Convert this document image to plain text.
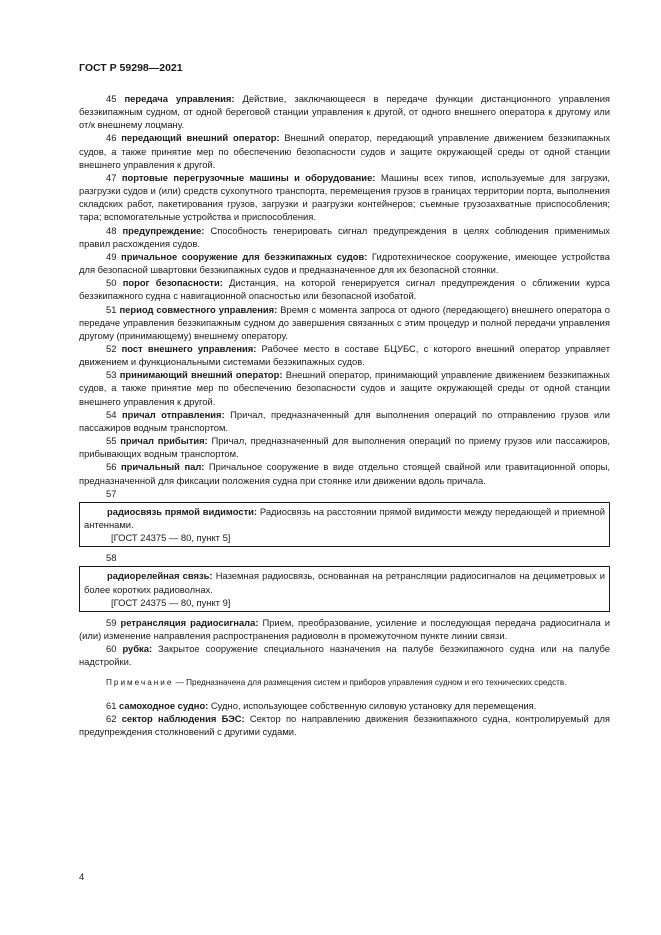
ГОСТ Р 59298—2021

45 передача управления: Действие, заключающееся в передаче функции дистанционного управления безэкипажным судном, от одной береговой станции управления к другой, от одного внешнего оператора к другому или от/к внешнему лоцману.

46 передающий внешний оператор: Внешний оператор, передающий управление движением безэкипажных судов, а также принятие мер по обеспечению безопасности судов и защите окружающей среды от одной станции внешнего управления к другой.

47 портовые перегрузочные машины и оборудование: Машины всех типов, используемые для загрузки, разгрузки судов и (или) средств сухопутного транспорта, перемещения грузов в границах территории порта, выполнения складских работ, пакетирования грузов, загрузки и разгрузки контейнеров; съемные грузозахватные приспособления; тара; вспомогательные устройства и приспособления.

48 предупреждение: Способность генерировать сигнал предупреждения в целях соблюдения применимых правил расхождения судов.

49 причальное сооружение для безэкипажных судов: Гидротехническое сооружение, имеющее устройства для безопасной швартовки безэкипажных судов и предназначенное для их безопасной стоянки.

50 порог безопасности: Дистанция, на которой генерируется сигнал предупреждения о сближении курса безэкипажного судна с навигационной опасностью или безопасной изобатой.

51 период совместного управления: Время с момента запроса от одного (передающего) внешнего оператора о передаче управления безэкипажным судном до завершения связанных с этим процедур и полной передачи управления другому (принимающему) внешнему оператору.

52 пост внешнего управления: Рабочее место в составе БЦУБС, с которого внешний оператор управляет движением и функциональными системами безэкипажных судов.

53 принимающий внешний оператор: Внешний оператор, принимающий управление движением безэкипажных судов, а также принятие мер по обеспечению безопасности судов и защите окружающей среды от одной станции внешнего управления к другой.

54 причал отправления: Причал, предназначенный для выполнения операций по отправлению грузов или пассажиров водным транспортом.

55 причал прибытия: Причал, предназначенный для выполнения операций по приему грузов или пассажиров, прибывающих водным транспортом.

56 причальный пал: Причальное сооружение в виде отдельно стоящей свайной или гравитационной опоры, предназначенной для фиксации положения судна при стоянке или движении вдоль причала.

57

радиосвязь прямой видимости: Радиосвязь на расстоянии прямой видимости между передающей и приемной антеннами.

[ГОСТ 24375 — 80, пункт 5]

58

радиорелейная связь: Наземная радиосвязь, основанная на ретрансляции радиосигналов на дециметровых и более коротких радиоволнах.

[ГОСТ 24375 — 80, пункт 9]

59 ретрансляция радиосигнала: Прием, преобразование, усиление и последующая передача радиосигнала и (или) изменение направления распространения радиоволн в промежуточном пункте линии связи.

60 рубка: Закрытое сооружение специального назначения на палубе безэкипажного судна или на палубе надстройки.

Примечание — Предназначена для размещения систем и приборов управления судном и его технических средств.

61 самоходное судно: Судно, использующее собственную силовую установку для перемещения.

62 сектор наблюдения БЭС: Сектор по направлению движения безэкипажного судна, контролируемый для предупреждения столкновений с другими судами.

4
